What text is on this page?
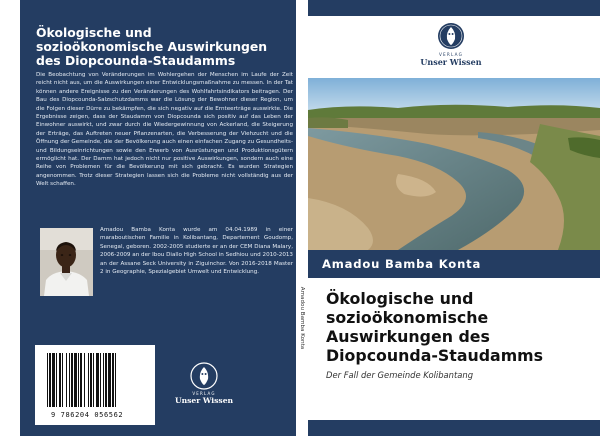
Ökologische und
sozioökonomische Auswirkungen
des Diopcounda-Staudamms

Die Beobachtung von Veränderungen im Wohlergehen der Menschen im Laufe der Zeit reicht nicht aus, um die Auswirkungen einer Entwicklungsmaßnahme zu messen. In der Tat können andere Ereignisse zu den Veränderungen des Wohlfahrtsindikators beitragen. Der Bau des Diopcounda-Salzschutzdamms war die Lösung der Bewohner dieser Region, um die Folgen dieser Dürre zu bekämpfen, die sich negativ auf die Ernteerträge auswirkte. Die Ergebnisse zeigen, dass der Staudamm von Diopcounda sich positiv auf das Leben der Einwohner auswirkt, und zwar durch die Wiedergewinnung von Ackerland, die Steigerung der Erträge, das Auftreten neuer Pflanzenarten, die Verbesserung der Viehzucht und die Öffnung der Gemeinde, die der Bevölkerung auch einen einfachen Zugang zu Gesundheits- und Bildungseinrichtungen sowie den Erwerb von Ausrüstungen und Produktionsgütern ermöglicht hat. Der Damm hat jedoch nicht nur positive Auswirkungen, sondern auch eine Reihe von Problemen für die Bevölkerung mit sich gebracht. Es wurden Strategien angenommen. Trotz dieser Strategien lassen sich die Probleme nicht vollständig aus der Welt schaffen.

Amadou Bamba Konta wurde am 04.04.1989 in einer maraboutischen Familie in Kolibantang, Departement Goudomp, Senegal, geboren. 2002-2005 studierte er an der CEM Diana Malary, 2006-2009 an der Ibou Diallo High School in Sedhiou und 2010-2013 an der Assane Seck University in Ziguinchor. Von 2016-2018 Master 2 in Geographie, Spezialgebiet Umwelt und Entwicklung.

9 786204 056562
VERLAG
Unser Wissen
Amadou Bamba Konta
VERLAG
Unser Wissen
Amadou Bamba Konta
Ökologische und
sozioökonomische
Auswirkungen des
Diopcounda-Staudamms
Der Fall der Gemeinde Kolibantang
